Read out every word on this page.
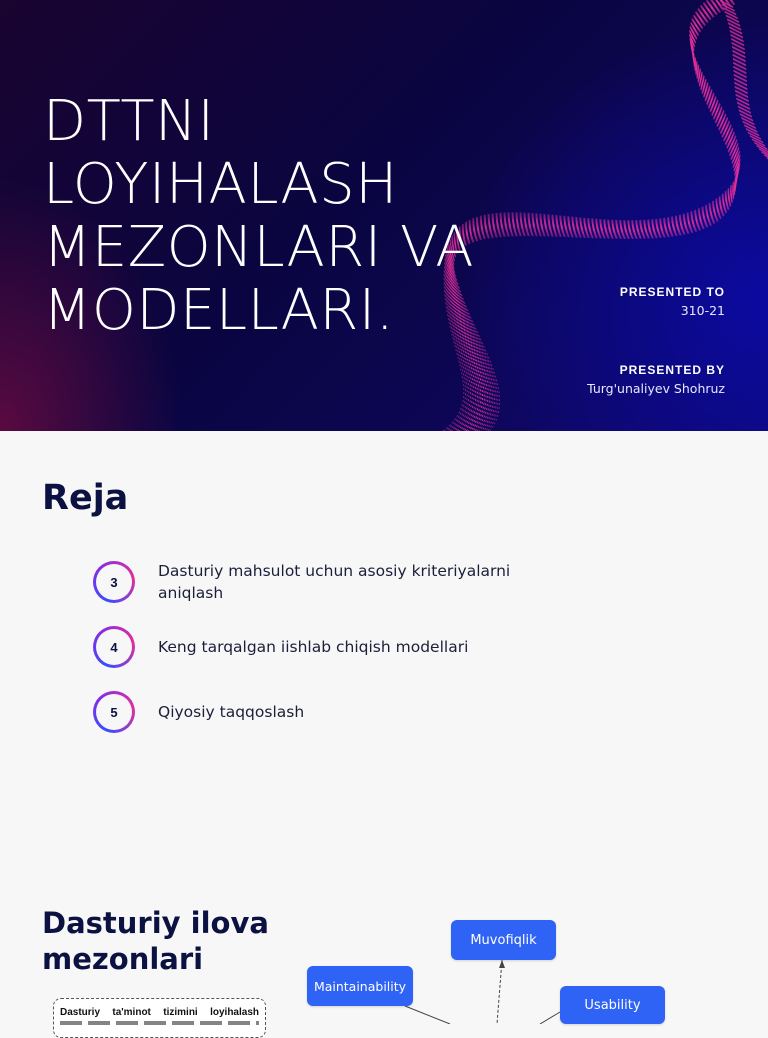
DTTNI LOYIHALASH MEZONLARI VA MODELLARI.	PRESENTED TO
310-21
PRESENTED BY
Turg'unaliyev Shohruz
Reja
3
Dasturiy mahsulot uchun asosiy kriteriyalarni aniqlash
4	Keng tarqalgan iishlab chiqish modellari
5	Qiyosiy taqqoslash
Dasturiy ilova mezonlari
Muvofiqlik
Maintainability
Usability
Dasturiy ta'minot tizimini loyihalash
